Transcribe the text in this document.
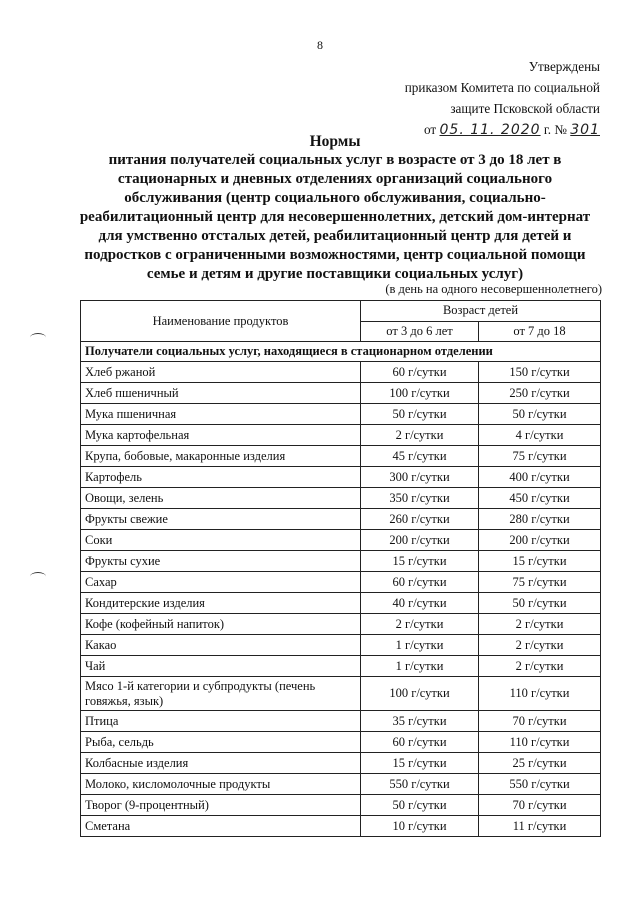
8
Утверждены
приказом Комитета по социальной
защите Псковской области
от 05. 11. 2020 г. № 301
Нормы
питания получателей социальных услуг в возрасте от 3 до 18 лет в стационарных и дневных отделениях организаций социального обслуживания (центр социального обслуживания, социально-реабилитационный центр для несовершеннолетних, детский дом-интернат для умственно отсталых детей, реабилитационный центр для детей и подростков с ограниченными возможностями, центр социальной помощи семье и детям и другие поставщики социальных услуг)
(в день на одного несовершеннолетнего)
Наименование продуктов	Возраст детей	
	от 3 до 6 лет	от 7 до 18
Получатели социальных услуг, находящиеся в стационарном отделении		
Хлеб ржаной	60 г/сутки	150 г/сутки
Хлеб пшеничный	100 г/сутки	250 г/сутки
Мука пшеничная	50 г/сутки	50 г/сутки
Мука картофельная	2 г/сутки	4 г/сутки
Крупа, бобовые, макаронные изделия	45 г/сутки	75 г/сутки
Картофель	300 г/сутки	400 г/сутки
Овощи, зелень	350 г/сутки	450 г/сутки
Фрукты свежие	260 г/сутки	280 г/сутки
Соки	200 г/сутки	200 г/сутки
Фрукты сухие	15 г/сутки	15 г/сутки
Сахар	60 г/сутки	75 г/сутки
Кондитерские изделия	40 г/сутки	50 г/сутки
Кофе (кофейный напиток)	2 г/сутки	2 г/сутки
Какао	1 г/сутки	2 г/сутки
Чай	1 г/сутки	2 г/сутки
Мясо 1-й категории и субпродукты (печень говяжья, язык)	100 г/сутки	110 г/сутки
Птица	35 г/сутки	70 г/сутки
Рыба, сельдь	60 г/сутки	110 г/сутки
Колбасные изделия	15 г/сутки	25 г/сутки
Молоко, кисломолочные продукты	550 г/сутки	550 г/сутки
Творог (9-процентный)	50 г/сутки	70 г/сутки
Сметана	10 г/сутки	11 г/сутки
